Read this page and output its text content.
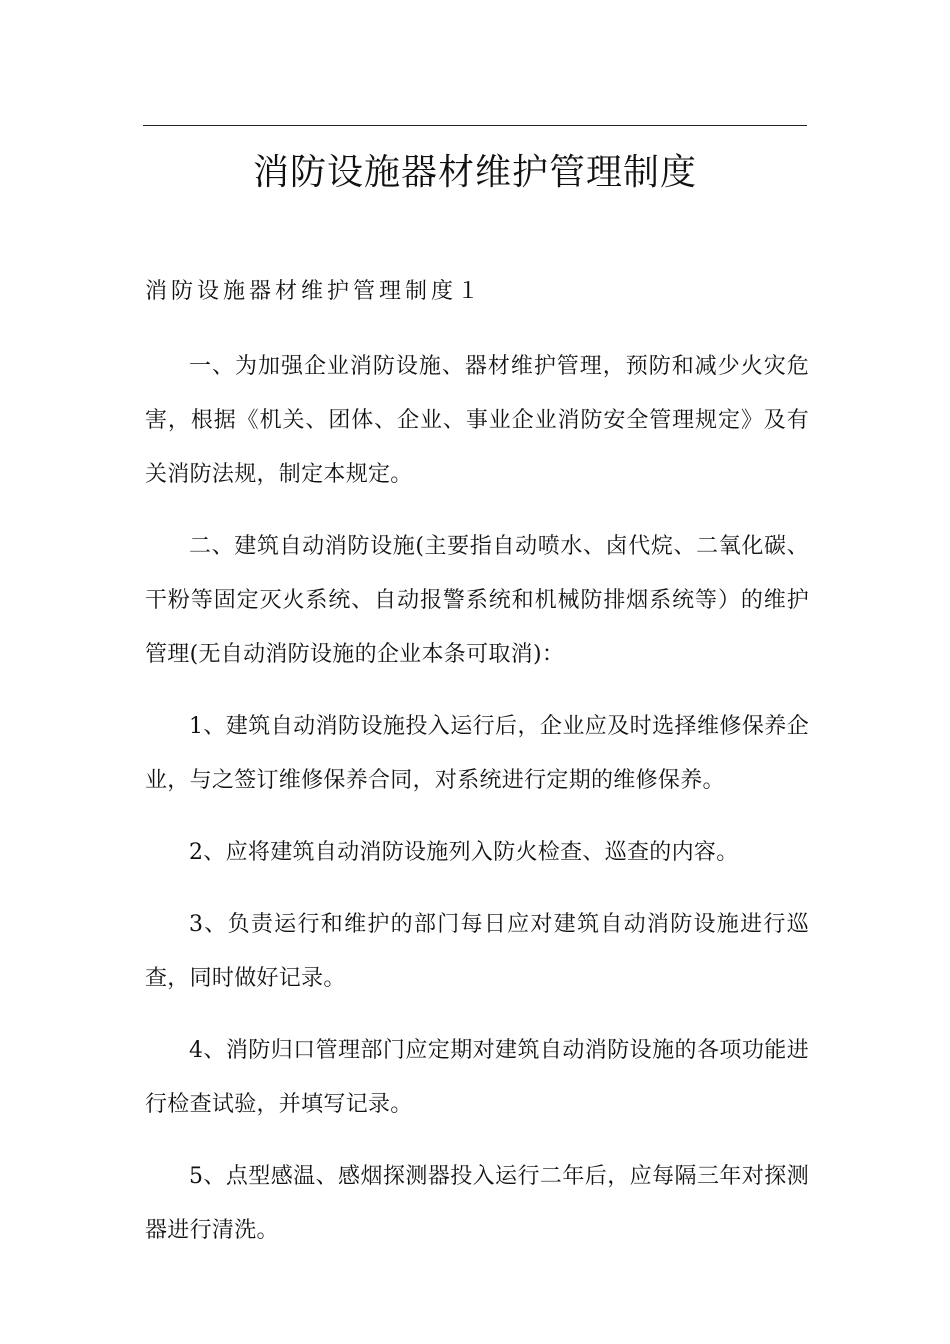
消防设施器材维护管理制度
消防设施器材维护管理制度１

一、为加强企业消防设施、器材维护管理，预防和减少火灾危害，根据《机关、团体、企业、事业企业消防安全管理规定》及有关消防法规，制定本规定。

二、建筑自动消防设施(主要指自动喷水、卤代烷、二氧化碳、干粉等固定灭火系统、自动报警系统和机械防排烟系统等）的维护管理(无自动消防设施的企业本条可取消)：

1、建筑自动消防设施投入运行后，企业应及时选择维修保养企业，与之签订维修保养合同，对系统进行定期的维修保养。

2、应将建筑自动消防设施列入防火检查、巡查的内容。

3、负责运行和维护的部门每日应对建筑自动消防设施进行巡查，同时做好记录。

4、消防归口管理部门应定期对建筑自动消防设施的各项功能进行检查试验，并填写记录。

5、点型感温、感烟探测器投入运行二年后，应每隔三年对探测器进行清洗。
